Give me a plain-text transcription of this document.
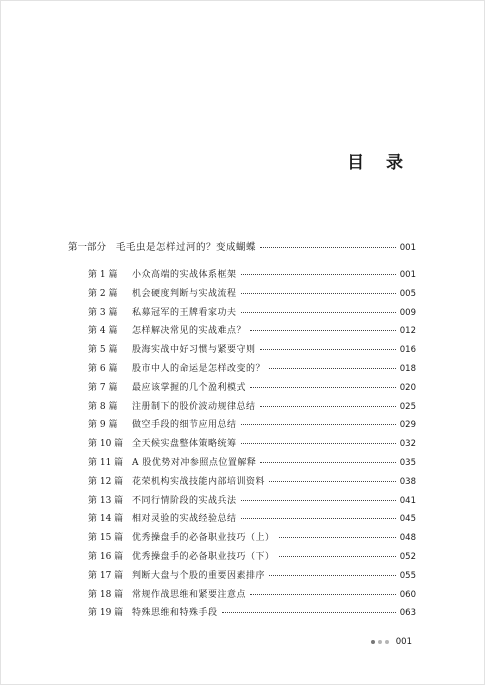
目 录
第一部分 毛毛虫是怎样过河的？变成蝴蝶	001
第 1 篇	小众高端的实战体系框架	001
第 2 篇	机会硬度判断与实战流程	005
第 3 篇	私募冠军的王牌看家功夫	009
第 4 篇	怎样解决常见的实战难点？	012
第 5 篇	股海实战中好习惯与紧要守则	016
第 6 篇	股市中人的命运是怎样改变的？	018
第 7 篇	最应该掌握的几个盈利模式	020
第 8 篇	注册制下的股价波动规律总结	025
第 9 篇	做空手段的细节应用总结	029
第 10 篇 全天候实盘整体策略统筹	032
第 11 篇 A 股优势对冲参照点位置解释	035
第 12 篇 花荣机构实战技能内部培训资料	038
第 13 篇 不同行情阶段的实战兵法	041
第 14 篇 相对灵验的实战经验总结	045
第 15 篇 优秀操盘手的必备职业技巧（上）	048
第 16 篇 优秀操盘手的必备职业技巧（下）	052
第 17 篇 判断大盘与个股的重要因素排序	055
第 18 篇 常规作战思维和紧要注意点	060
第 19 篇 特殊思维和特殊手段	063
001
